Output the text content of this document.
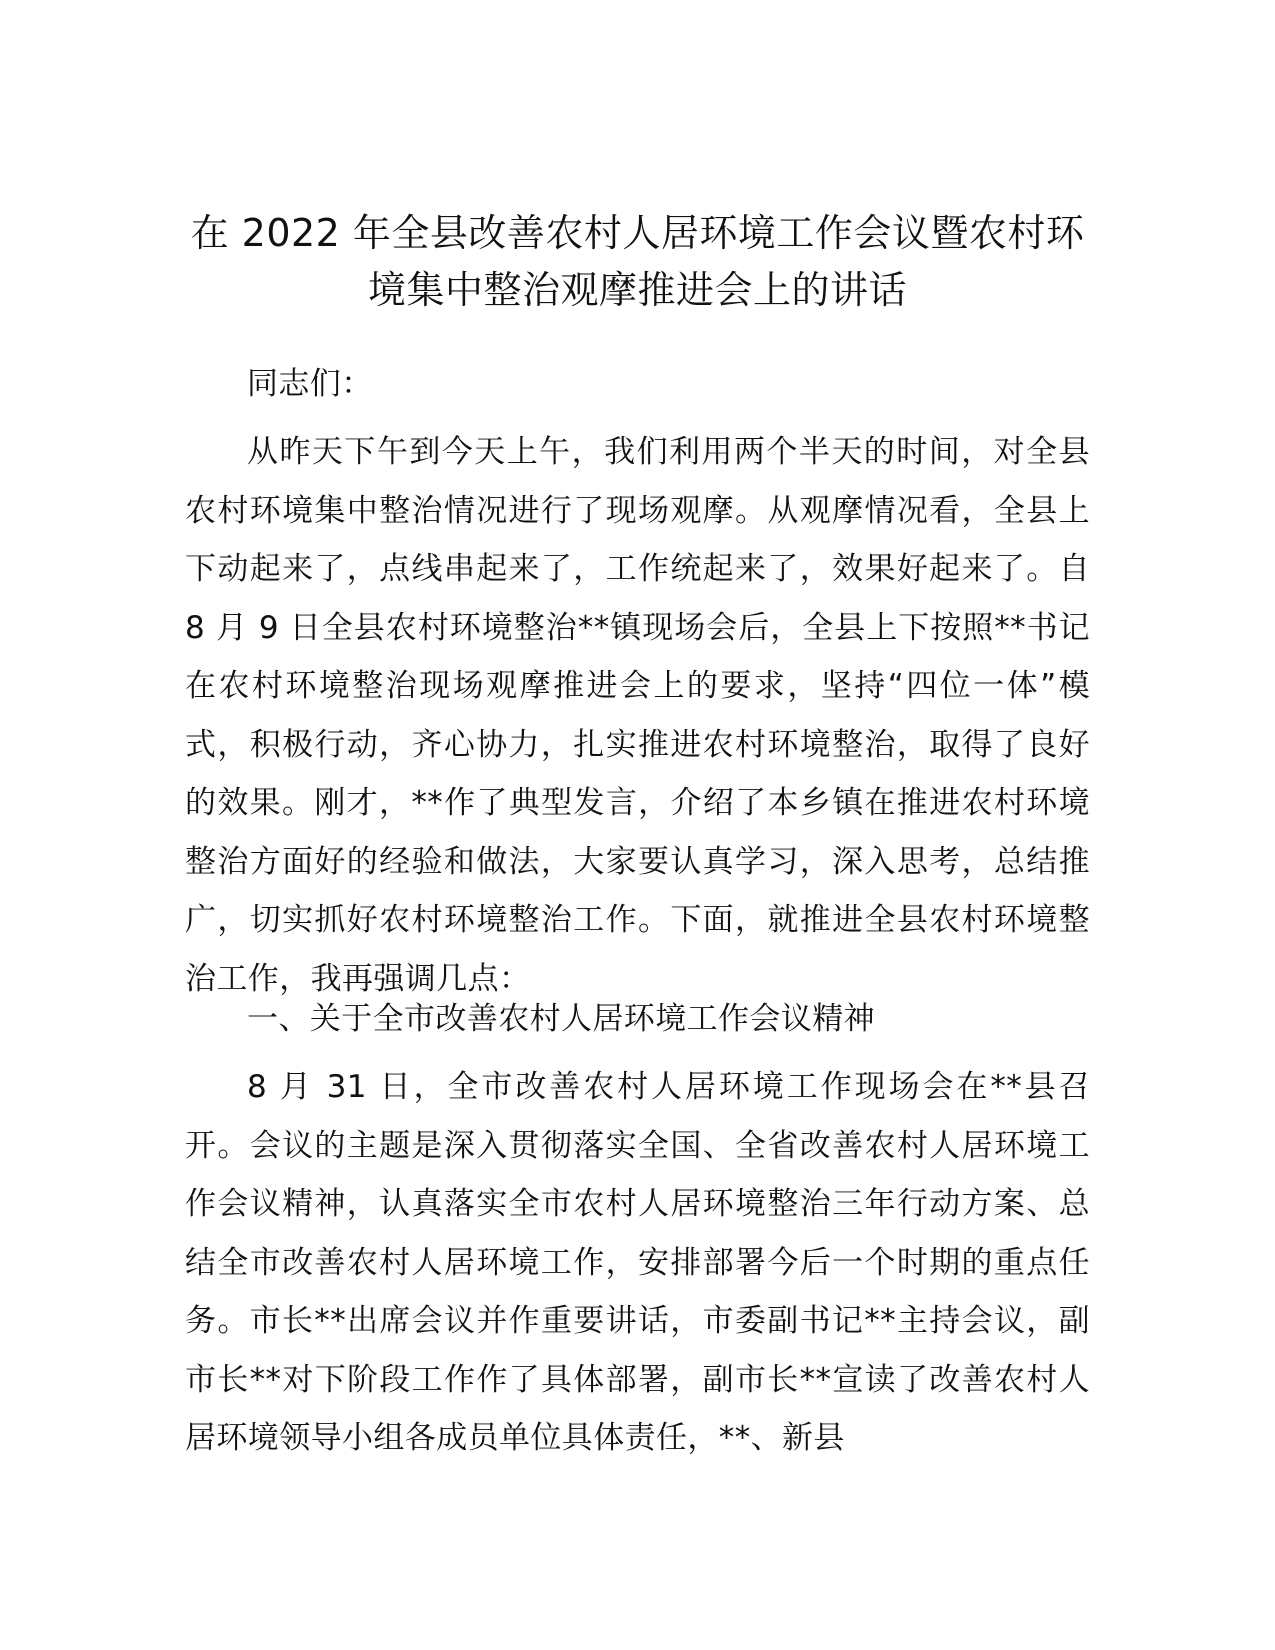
在 2022 年全县改善农村人居环境工作会议暨农村环境集中整治观摩推进会上的讲话

同志们：

从昨天下午到今天上午，我们利用两个半天的时间，对全县农村环境集中整治情况进行了现场观摩。从观摩情况看，全县上下动起来了，点线串起来了，工作统起来了，效果好起来了。自 8 月 9 日全县农村环境整治**镇现场会后，全县上下按照**书记在农村环境整治现场观摩推进会上的要求，坚持“四位一体”模式，积极行动，齐心协力，扎实推进农村环境整治，取得了良好的效果。刚才，**作了典型发言，介绍了本乡镇在推进农村环境整治方面好的经验和做法，大家要认真学习，深入思考，总结推广，切实抓好农村环境整治工作。下面，就推进全县农村环境整治工作，我再强调几点：

一、关于全市改善农村人居环境工作会议精神

8 月 31 日，全市改善农村人居环境工作现场会在**县召开。会议的主题是深入贯彻落实全国、全省改善农村人居环境工作会议精神，认真落实全市农村人居环境整治三年行动方案、总结全市改善农村人居环境工作，安排部署今后一个时期的重点任务。市长**出席会议并作重要讲话，市委副书记**主持会议，副市长**对下阶段工作作了具体部署，副市长**宣读了改善农村人居环境领导小组各成员单位具体责任，**、新县
